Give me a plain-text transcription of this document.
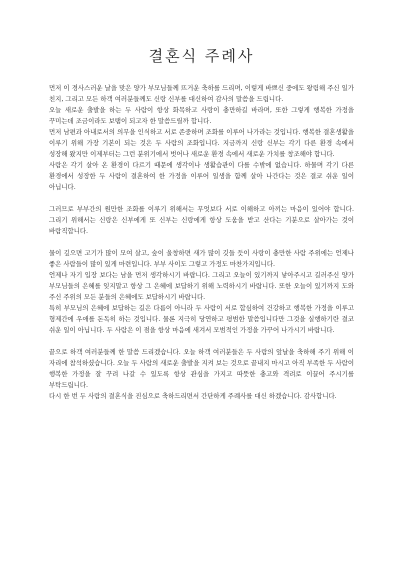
결혼식 주례사

먼저 이 경사스러운 날을 맞은 양가 부모님들께 뜨거운 축하를 드리며, 이렇게 바쁘신 중에도 왕림해 주신 일가 친지, 그리고 모든 하객 여러분들께도 신랑 신부를 대신하여 감사의 말씀을 드립니다.

오늘 새로운 출발을 하는 두 사람이 항상 화목하고 사랑이 충만하길 바라며, 또한 그렇게 행복한 가정을 꾸미는데 조금이라도 보탬이 되고자 한 말씀드릴까 합니다.

먼저 남편과 아내로서의 의무을 인식하고 서로 존중하며 조화를 이루어 나가라는 것입니다. 행복한 결혼생활을 이루기 위해 가장 기본이 되는 것은 두 사람의 조화입니다. 지금까지 신랑 신부는 각기 다른 환경 속에서 성장해 왔지만 이제부터는 그런 분위기에서 벗어나 새로운 환경 속에서 새로운 가치를 창조해야 합니다.

사람은 각기 살아 온 환경이 다르기 때문에 생각이나 생활습관이 다를 수밖에 없습니다. 하물며 각기 다른 환경에서 성장한 두 사람이 결혼하여 한 가정을 이루어 일생을 함께 살아 나간다는 것은 결코 쉬운 일이 아닙니다.

그러므로 부부간의 원만한 조화를 이루기 위해서는 무엇보다 서로 이해하고 아끼는 마음이 있어야 합니다. 그리기 위해서는 신랑은 신부에게 또 신부는 신랑에게 항상 도움을 받고 산다는 기분으로 살아가는 것이 바람직합니다.

물이 깊으면 고기가 많이 모여 살고, 숲이 울창하면 새가 많이 깃들 듯이 사랑이 충만한 사람 주위에는 언제나 좋은 사람들이 많이 있게 마련입니다. 부부 사이도 그렇고 가정도 마찬가지입니다.

언제나 자기 입장 보다는 남을 먼저 생각하시기 바랍니다. 그리고 오늘이 있기까지 낳아주시고 길러주신 양가 부모님들의 은혜를 잊지말고 항상 그 은혜에 보답하기 위해 노력하시기 바랍니다. 또한 오늘이 있기까지 도와 주신 주위의 모든 분들의 은혜에도 보답하시기 바랍니다.

특히 부모님의 은혜에 보답하는 길은 다름이 아니라 두 사람이 서로 합심하여 건강하고 행복한 가정을 이루고 형제간에 우애를 돈독히 하는 것입니다. 물론 지극히 당연하고 평범한 말씀입니다만 그것을 실행하기란 결코 쉬운 일이 아닙니다. 두 사람은 이 점을 항상 마음에 새겨서 모범적인 가정을 가꾸어 나가시기 바랍니다.

끝으로 하객 여러분들께 한 말씀 드리겠습니다. 오늘 하객 여러분들은 두 사람의 앞날을 축하해 주기 위해 이 자리에 참석하셨습니다. 오늘 두 사람의 새로운 출발을 지켜 보는 것으로 끝내지 마시고 아직 부족한 두 사람이 행복한 가정을 잘 꾸려 나갈 수 있도록 항상 관심을 가지고 따뜻한 충고와 격려로 이끌어 주시기를 부탁드립니다.

다시 한 번 두 사람의 결혼식을 진심으로 축하드리면서 간단하게 주례사를 대신 하겠습니다. 감사합니다.
